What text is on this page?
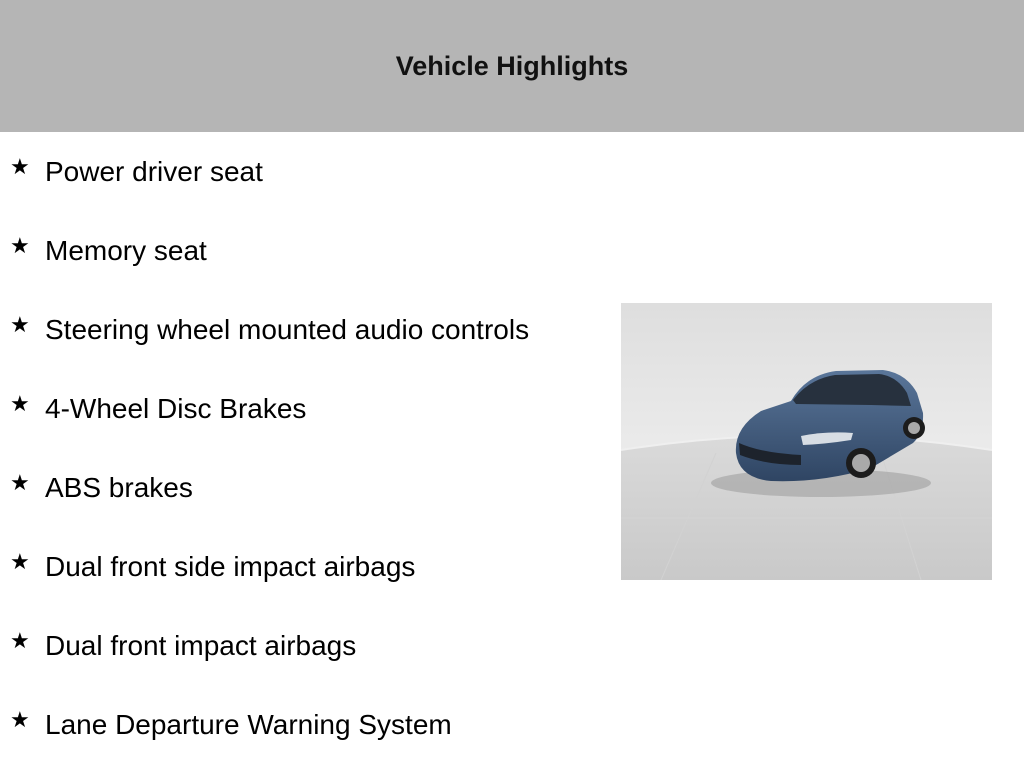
Vehicle Highlights
★ Power driver seat
★ Memory seat
★ Steering wheel mounted audio controls
★ 4-Wheel Disc Brakes
★ ABS brakes
★ Dual front side impact airbags
★ Dual front impact airbags
★ Lane Departure Warning System
